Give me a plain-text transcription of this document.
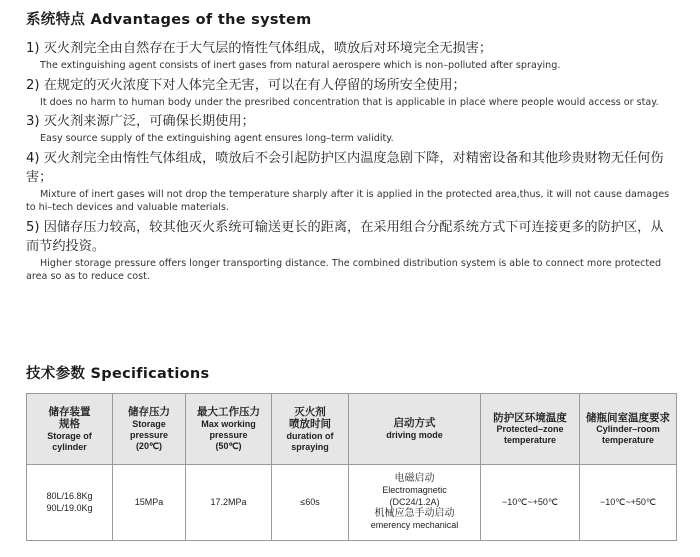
系统特点 Advantages of the system
1) 灭火剂完全由自然存在于大气层的惰性气体组成，喷放后对环境完全无损害；
The extinguishing agent consists of inert gases from natural aerospere which is non–polluted after spraying.
2) 在规定的灭火浓度下对人体完全无害，可以在有人停留的场所安全使用；
It does no harm to human body under the presribed concentration that is applicable in place where people would access or stay.
3) 灭火剂来源广泛，可确保长期使用；
Easy source supply of the extinguishing agent ensures long–term validity.
4) 灭火剂完全由惰性气体组成，喷放后不会引起防护区内温度急剧下降，对精密设备和其他珍贵财物无任何伤害；
Mixture of inert gases will not drop the temperature sharply after it is applied in the protected area,thus, it will not cause damages to hi–tech devices and valuable materials.
5) 因储存压力较高，较其他灭火系统可输送更长的距离，在采用组合分配系统方式下可连接更多的防护区，从而节约投资。
Higher storage pressure offers longer transporting distance. The combined distribution system is able to connect more protected area so as to reduce cost.
技术参数 Specifications
储存装置
规格
Storage of
cylinder	储存压力
Storage
pressure
(20℃)	最大工作压力
Max working
pressure
(50℃)	灭火剂
喷放时间
duration of
spraying	启动方式
driving mode	防护区环境温度
Protected–zone
temperature	储瓶间室温度要求
Cylinder–room
temperature

80L/16.8Kg
90L/19.0Kg	15MPa	17.2MPa	≤60s	电磁启动
Electromagnetic
(DC24/1.2A)
机械应急手动启动
emerency mechanical	−10℃~+50℃	−10℃~+50℃
